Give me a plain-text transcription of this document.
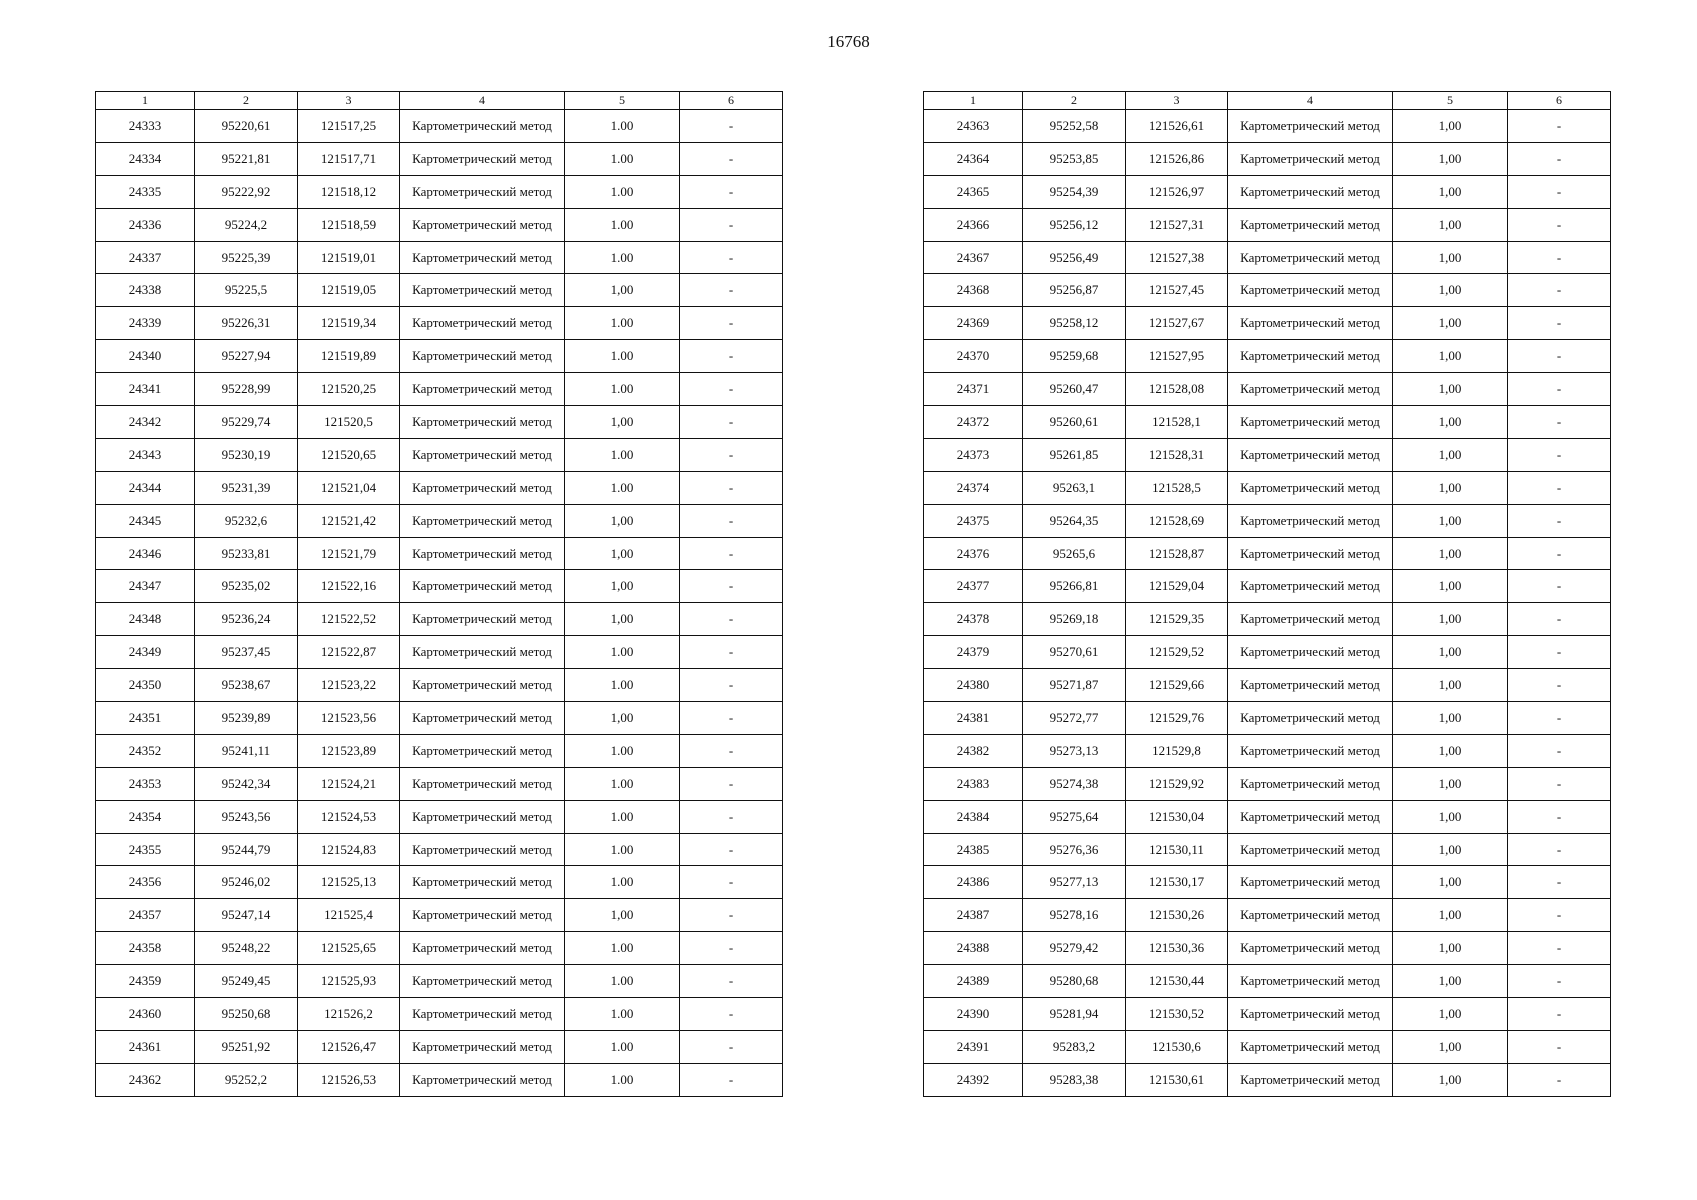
16768
1	2	3	4	5	6
24333	95220,61	121517,25	Картометрический метод	1.00	-
24334	95221,81	121517,71	Картометрический метод	1.00	-
24335	95222,92	121518,12	Картометрический метод	1.00	-
24336	95224,2	121518,59	Картометрический метод	1.00	-
24337	95225,39	121519,01	Картометрический метод	1.00	-
24338	95225,5	121519,05	Картометрический метод	1,00	-
24339	95226,31	121519,34	Картометрический метод	1.00	-
24340	95227,94	121519,89	Картометрический метод	1.00	-
24341	95228,99	121520,25	Картометрический метод	1.00	-
24342	95229,74	121520,5	Картометрический метод	1,00	-
24343	95230,19	121520,65	Картометрический метод	1.00	-
24344	95231,39	121521,04	Картометрический метод	1.00	-
24345	95232,6	121521,42	Картометрический метод	1,00	-
24346	95233,81	121521,79	Картометрический метод	1,00	-
24347	95235,02	121522,16	Картометрический метод	1,00	-
24348	95236,24	121522,52	Картометрический метод	1,00	-
24349	95237,45	121522,87	Картометрический метод	1.00	-
24350	95238,67	121523,22	Картометрический метод	1.00	-
24351	95239,89	121523,56	Картометрический метод	1,00	-
24352	95241,11	121523,89	Картометрический метод	1.00	-
24353	95242,34	121524,21	Картометрический метод	1.00	-
24354	95243,56	121524,53	Картометрический метод	1.00	-
24355	95244,79	121524,83	Картометрический метод	1.00	-
24356	95246,02	121525,13	Картометрический метод	1.00	-
24357	95247,14	121525,4	Картометрический метод	1,00	-
24358	95248,22	121525,65	Картометрический метод	1.00	-
24359	95249,45	121525,93	Картометрический метод	1.00	-
24360	95250,68	121526,2	Картометрический метод	1.00	-
24361	95251,92	121526,47	Картометрический метод	1.00	-
24362	95252,2	121526,53	Картометрический метод	1.00	-
1	2	3	4	5	6
24363	95252,58	121526,61	Картометрический метод	1,00	-
24364	95253,85	121526,86	Картометрический метод	1,00	-
24365	95254,39	121526,97	Картометрический метод	1,00	-
24366	95256,12	121527,31	Картометрический метод	1,00	-
24367	95256,49	121527,38	Картометрический метод	1,00	-
24368	95256,87	121527,45	Картометрический метод	1,00	-
24369	95258,12	121527,67	Картометрический метод	1,00	-
24370	95259,68	121527,95	Картометрический метод	1,00	-
24371	95260,47	121528,08	Картометрический метод	1,00	-
24372	95260,61	121528,1	Картометрический метод	1,00	-
24373	95261,85	121528,31	Картометрический метод	1,00	-
24374	95263,1	121528,5	Картометрический метод	1,00	-
24375	95264,35	121528,69	Картометрический метод	1,00	-
24376	95265,6	121528,87	Картометрический метод	1,00	-
24377	95266,81	121529,04	Картометрический метод	1,00	-
24378	95269,18	121529,35	Картометрический метод	1,00	-
24379	95270,61	121529,52	Картометрический метод	1,00	-
24380	95271,87	121529,66	Картометрический метод	1,00	-
24381	95272,77	121529,76	Картометрический метод	1,00	-
24382	95273,13	121529,8	Картометрический метод	1,00	-
24383	95274,38	121529,92	Картометрический метод	1,00	-
24384	95275,64	121530,04	Картометрический метод	1,00	-
24385	95276,36	121530,11	Картометрический метод	1,00	-
24386	95277,13	121530,17	Картометрический метод	1,00	-
24387	95278,16	121530,26	Картометрический метод	1,00	-
24388	95279,42	121530,36	Картометрический метод	1,00	-
24389	95280,68	121530,44	Картометрический метод	1,00	-
24390	95281,94	121530,52	Картометрический метод	1,00	-
24391	95283,2	121530,6	Картометрический метод	1,00	-
24392	95283,38	121530,61	Картометрический метод	1,00	-
